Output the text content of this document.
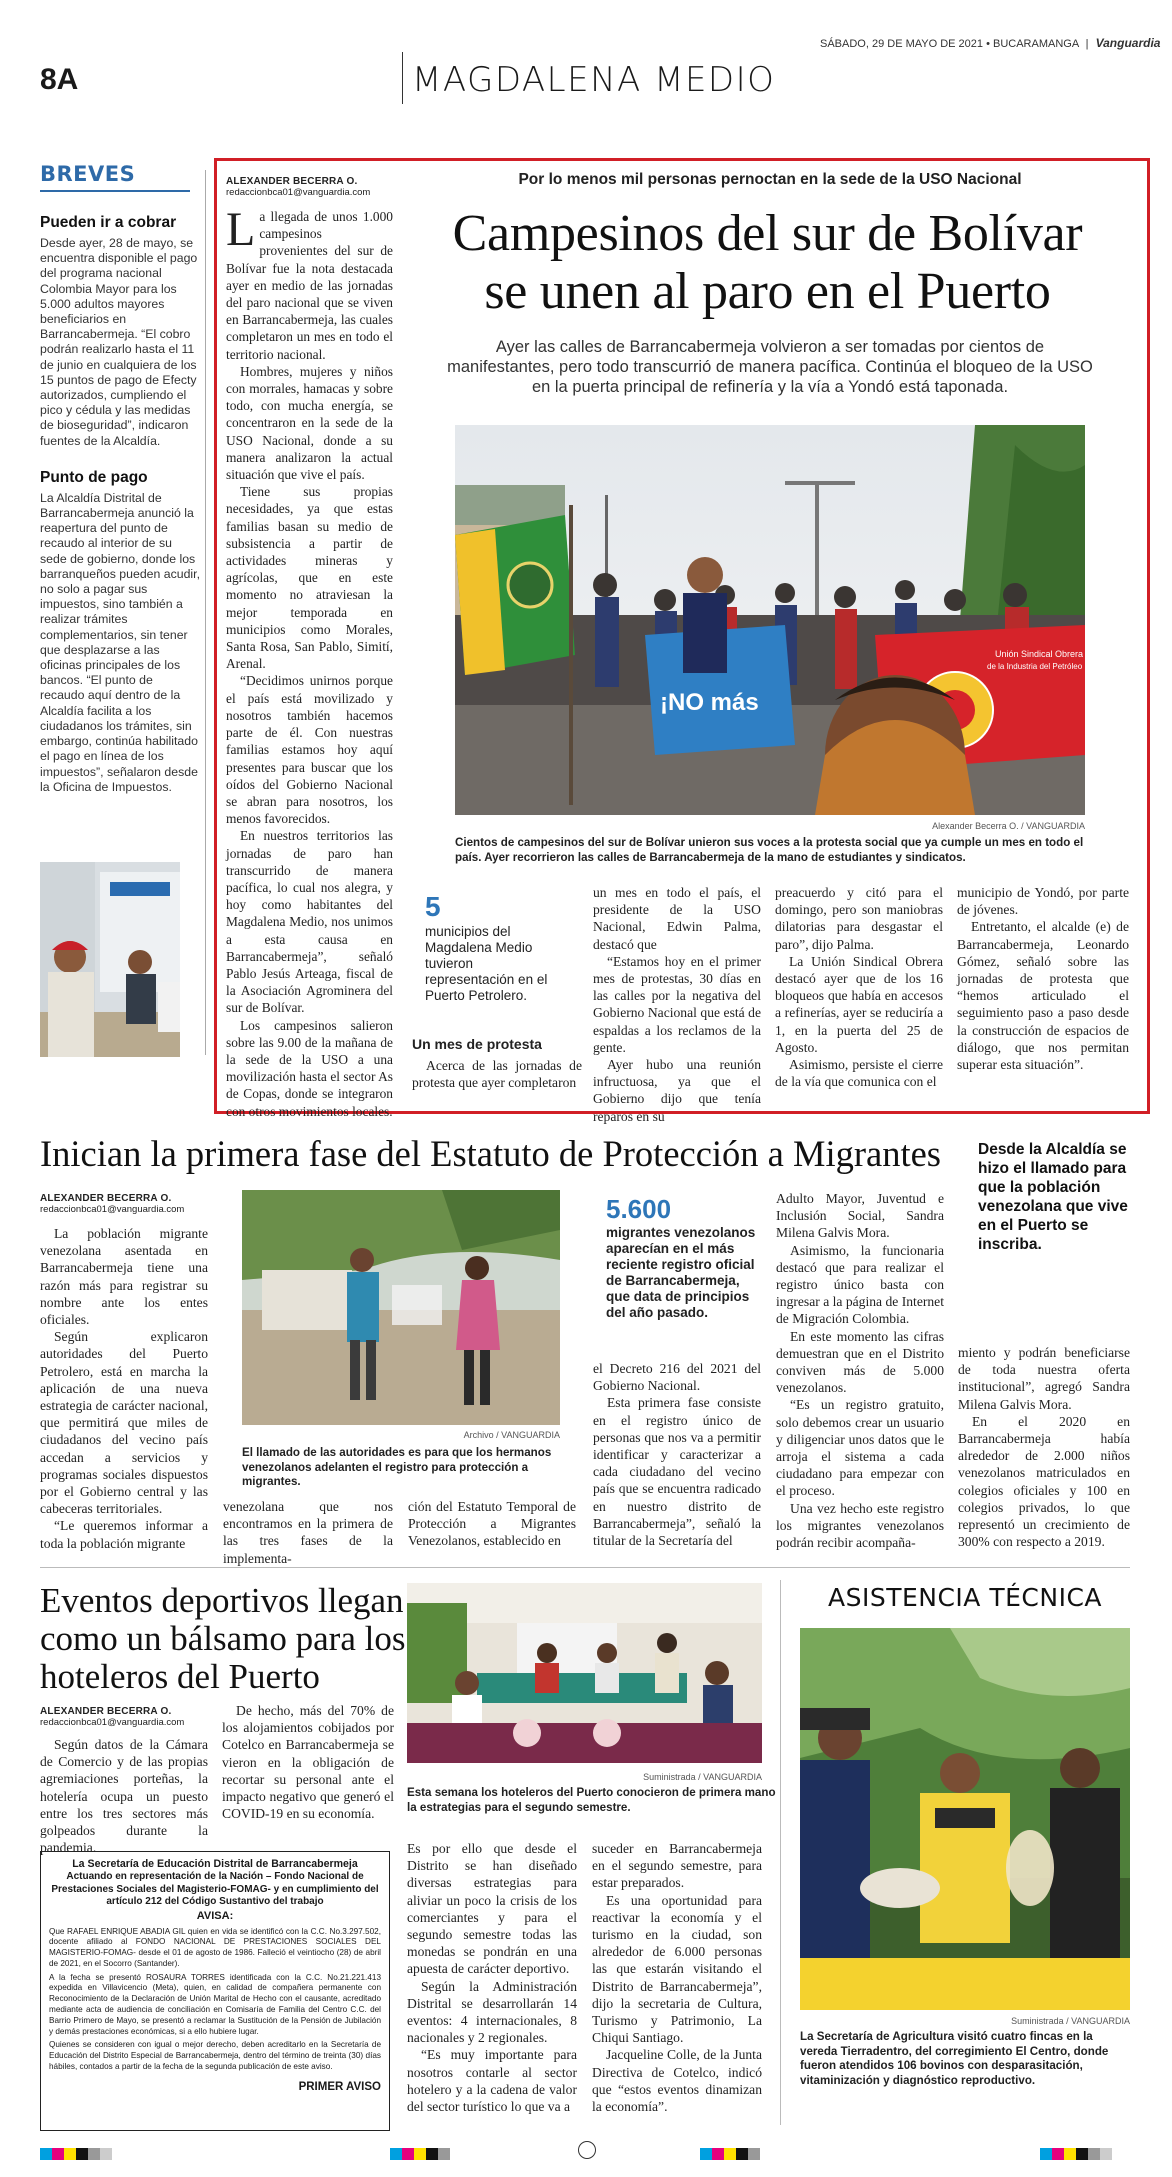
8A	MAGDALENA MEDIO
SÁBADO, 29 DE MAYO DE 2021 • BUCARAMANGA | Vanguardia
BREVES
Pueden ir a cobrar
Desde ayer, 28 de mayo, se encuentra disponible el pago del programa nacional Colombia Mayor para los 5.000 adultos mayores beneficiarios en Barrancabermeja. “El cobro podrán realizarlo hasta el 11 de junio en cualquiera de los 15 puntos de pago de Efecty autorizados, cumpliendo el pico y cédula y las medidas de bioseguridad”, indicaron fuentes de la Alcaldía.
Punto de pago
La Alcaldía Distrital de Barrancabermeja anunció la reapertura del punto de recaudo al interior de su sede de gobierno, donde los barranqueños pueden acudir, no solo a pagar sus impuestos, sino también a realizar trámites complementarios, sin tener que desplazarse a las oficinas principales de los bancos. “El punto de recaudo aquí dentro de la Alcaldía facilita a los ciudadanos los trámites, sin embargo, continúa habilitado el pago en línea de los impuestos”, señalaron desde la Oficina de Impuestos.
ALEXANDER BECERRA O.
redaccionbca01@vanguardia.com
Por lo menos mil personas pernoctan en la sede de la USO Nacional
Campesinos del sur de Bolívar
se unen al paro en el Puerto
Ayer las calles de Barrancabermeja volvieron a ser tomadas por cientos de manifestantes, pero todo transcurrió de manera pacífica. Continúa el bloqueo de la USO en la puerta principal de refinería y la vía a Yondó está taponada.

La llegada de unos 1.000 campesinos provenientes del sur de Bolívar fue la nota destacada ayer en medio de las jornadas del paro nacional que se viven en Barrancabermeja, las cuales completaron un mes en todo el territorio nacional.

Hombres, mujeres y niños con morrales, hamacas y sobre todo, con mucha energía, se concentraron en la sede de la USO Nacional, donde a su manera analizaron la actual situación que vive el país.

Tiene sus propias necesidades, ya que estas familias basan su medio de subsistencia a partir de actividades mineras y agrícolas, que en este momento no atraviesan la mejor temporada en municipios como Morales, Santa Rosa, San Pablo, Simití, Arenal.

“Decidimos unirnos porque el país está movilizado y nosotros también hacemos parte de él. Con nuestras familias estamos hoy aquí presentes para buscar que los oídos del Gobierno Nacional se abran para nosotros, los menos favorecidos.

En nuestros territorios las jornadas de paro han transcurrido de manera pacífica, lo cual nos alegra, y hoy como habitantes del Magdalena Medio, nos unimos a esta causa en Barrancabermeja”, señaló Pablo Jesús Arteaga, fiscal de la Asociación Agrominera del sur de Bolívar.

Los campesinos salieron sobre las 9.00 de la mañana de la sede de la USO a una movilización hasta el sector As de Copas, donde se integraron con otros movimientos locales.

¡NO más
Unión Sindical Obrera
de la Industria del Petróleo
Alexander Becerra O. / VANGUARDIA
Cientos de campesinos del sur de Bolívar unieron sus voces a la protesta social que ya cumple un mes en todo el país. Ayer recorrieron las calles de Barrancabermeja de la mano de estudiantes y sindicatos.
5
municipios del Magdalena Medio tuvieron representación en el Puerto Petrolero.
Un mes de protesta

Acerca de las jornadas de protesta que ayer completaron

un mes en todo el país, el presidente de la USO Nacional, Edwin Palma, destacó que

“Estamos hoy en el primer mes de protestas, 30 días en las calles por la negativa del Gobierno Nacional que está de espaldas a los reclamos de la gente.

Ayer hubo una reunión infructuosa, ya que el Gobierno dijo que tenía reparos en su

preacuerdo y citó para el domingo, pero son maniobras dilatorias para desgastar el paro”, dijo Palma.

La Unión Sindical Obrera destacó ayer que de los 16 bloqueos que había en accesos a refinerías, ayer se reduciría a 1, en la puerta del 25 de Agosto.

Asimismo, persiste el cierre de la vía que comunica con el

municipio de Yondó, por parte de jóvenes.

Entretanto, el alcalde (e) de Barrancabermeja, Leonardo Gómez, señaló sobre las jornadas de protesta que “hemos articulado el seguimiento paso a paso desde la construcción de espacios de diálogo, que nos permitan superar esta situación”.

Inician la primera fase del Estatuto de Protección a Migrantes
ALEXANDER BECERRA O.
redaccionbca01@vanguardia.com

La población migrante venezolana asentada en Barrancabermeja tiene una razón más para registrar su nombre ante los entes oficiales.

Según explicaron autoridades del Puerto Petrolero, está en marcha la aplicación de una nueva estrategia de carácter nacional, que permitirá que miles de ciudadanos del vecino país accedan a servicios y programas sociales dispuestos por el Gobierno central y las cabeceras territoriales.

“Le queremos informar a toda la población migrante

Archivo / VANGUARDIA
El llamado de las autoridades es para que los hermanos venezolanos adelanten el registro para protección a migrantes.

venezolana que nos encontramos en la primera de las tres fases de la implementa-

ción del Estatuto Temporal de Protección a Migrantes Venezolanos, establecido en

5.600
migrantes venezolanos aparecían en el más reciente registro oficial de Barrancabermeja, que data de principios del año pasado.

el Decreto 216 del 2021 del Gobierno Nacional.

Esta primera fase consiste en el registro único de personas que nos va a permitir identificar y caracterizar a cada ciudadano del vecino país que se encuentra radicado en nuestro distrito de Barrancabermeja”, señaló la titular de la Secretaría del

Adulto Mayor, Juventud e Inclusión Social, Sandra Milena Galvis Mora.

Asimismo, la funcionaria destacó que para realizar el registro único basta con ingresar a la página de Internet de Migración Colombia.

En este momento las cifras demuestran que en el Distrito conviven más de 5.000 venezolanos.

“Es un registro gratuito, solo debemos crear un usuario y diligenciar unos datos que le arroja el sistema a cada ciudadano para empezar con el proceso.

Una vez hecho este registro los migrantes venezolanos podrán recibir acompaña-

Desde la Alcaldía se hizo el llamado para que la población venezolana que vive en el Puerto se inscriba.

miento y podrán beneficiarse de toda nuestra oferta institucional”, agregó Sandra Milena Galvis Mora.

En el 2020 en Barrancabermeja había alrededor de 2.000 niños venezolanos matriculados en colegios oficiales y 100 en colegios privados, lo que representó un crecimiento de 300% con respecto a 2019.

Eventos deportivos llegan como un bálsamo para los hoteleros del Puerto
ALEXANDER BECERRA O.
redaccionbca01@vanguardia.com

Según datos de la Cámara de Comercio y de las propias agremiaciones porteñas, la hotelería ocupa un puesto entre los tres sectores más golpeados durante la pandemia.

De hecho, más del 70% de los alojamientos cobijados por Cotelco en Barrancabermeja se vieron en la obligación de recortar su personal ante el impacto negativo que generó el COVID-19 en su economía.

Suministrada / VANGUARDIA
Esta semana los hoteleros del Puerto conocieron de primera mano la estrategias para el segundo semestre.

Es por ello que desde el Distrito se han diseñado diversas estrategias para aliviar un poco la crisis de los comerciantes y para el segundo semestre todas las monedas se pondrán en una apuesta de carácter deportivo.

Según la Administración Distrital se desarrollarán 14 eventos: 4 internacionales, 8 nacionales y 2 regionales.

“Es muy importante para nosotros contarle al sector hotelero y a la cadena de valor del sector turístico lo que va a

suceder en Barrancabermeja en el segundo semestre, para estar preparados.

Es una oportunidad para reactivar la economía y el turismo en la ciudad, son alrededor de 6.000 personas las que estarán visitando el Distrito de Barrancabermeja”, dijo la secretaria de Cultura, Turismo y Patrimonio, La Chiqui Santiago.

Jacqueline Colle, de la Junta Directiva de Cotelco, indicó que “estos eventos dinamizan la economía”.

La Secretaría de Educación Distrital de Barrancabermeja
Actuando en representación de la Nación – Fondo Nacional de Prestaciones Sociales del Magisterio-FOMAG- y en cumplimiento del artículo 212 del Código Sustantivo del trabajo
AVISA:
Que RAFAEL ENRIQUE ABADIA GIL quien en vida se identificó con la C.C. No.3.297.502, docente afiliado al FONDO NACIONAL DE PRESTACIONES SOCIALES DEL MAGISTERIO-FOMAG- desde el 01 de agosto de 1986. Falleció el veintiocho (28) de abril de 2021, en el Socorro (Santander).
A la fecha se presentó ROSAURA TORRES identificada con la C.C. No.21.221.413 expedida en Villavicencio (Meta), quien, en calidad de compañera permanente con Reconocimiento de la Declaración de Unión Marital de Hecho con el causante, acreditado mediante acta de audiencia de conciliación en Comisaría de Familia del Centro C.C. del Barrio Primero de Mayo, se presentó a reclamar la Sustitución de la Pensión de Jubilación y demás prestaciones económicas, si a ello hubiere lugar.
Quienes se consideren con igual o mejor derecho, deben acreditarlo en la Secretaría de Educación del Distrito Especial de Barrancabermeja, dentro del término de treinta (30) días hábiles, contados a partir de la fecha de la segunda publicación de este aviso.
PRIMER AVISO
ASISTENCIA TÉCNICA
Suministrada / VANGUARDIA
La Secretaría de Agricultura visitó cuatro fincas en la vereda Tierradentro, del corregimiento El Centro, donde fueron atendidos 106 bovinos con desparasitación, vitaminización y diagnóstico reproductivo.
